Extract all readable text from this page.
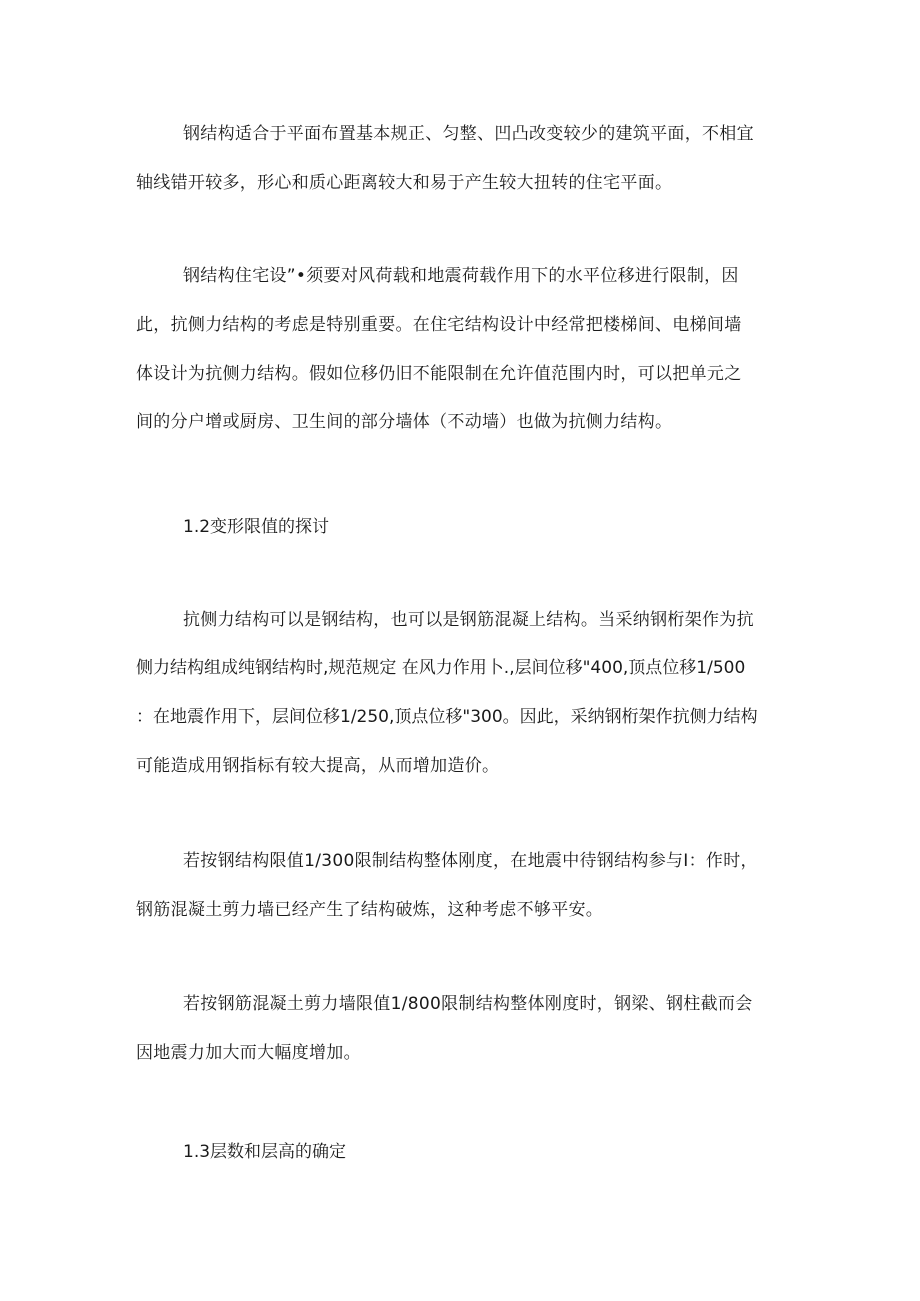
钢结构适合于平面布置基本规正、匀整、凹凸改变较少的建筑平面，不相宜
轴线错开较多，形心和质心距离较大和易于产生较大扭转的住宅平面。
钢结构住宅设”•须要对风荷载和地震荷载作用下的水平位移进行限制，因
此，抗侧力结构的考虑是特别重要。在住宅结构设计中经常把楼梯间、电梯间墙
体设计为抗侧力结构。假如位移仍旧不能限制在允许值范围内时，可以把单元之
间的分户增或厨房、卫生间的部分墙体（不动墙）也做为抗侧力结构。
1.2变形限值的探讨
抗侧力结构可以是钢结构，也可以是钢筋混凝上结构。当采纳钢桁架作为抗
侧力结构组成纯钢结构时,规范规定 在风力作用卜.,层间位移"400,顶点位移1/500
：在地震作用下，层间位移1/250,顶点位移"300。因此，采纳钢桁架作抗侧力结构
可能造成用钢指标有较大提高，从而增加造价。
若按钢结构限值1/300限制结构整体刚度，在地震中待钢结构参与I：作时，
钢筋混凝土剪力墙已经产生了结构破炼，这种考虑不够平安。
若按钢筋混凝土剪力墙限值1/800限制结构整体刚度时，钢梁、钢柱截而会
因地震力加大而大幅度增加。
1.3层数和层高的确定
